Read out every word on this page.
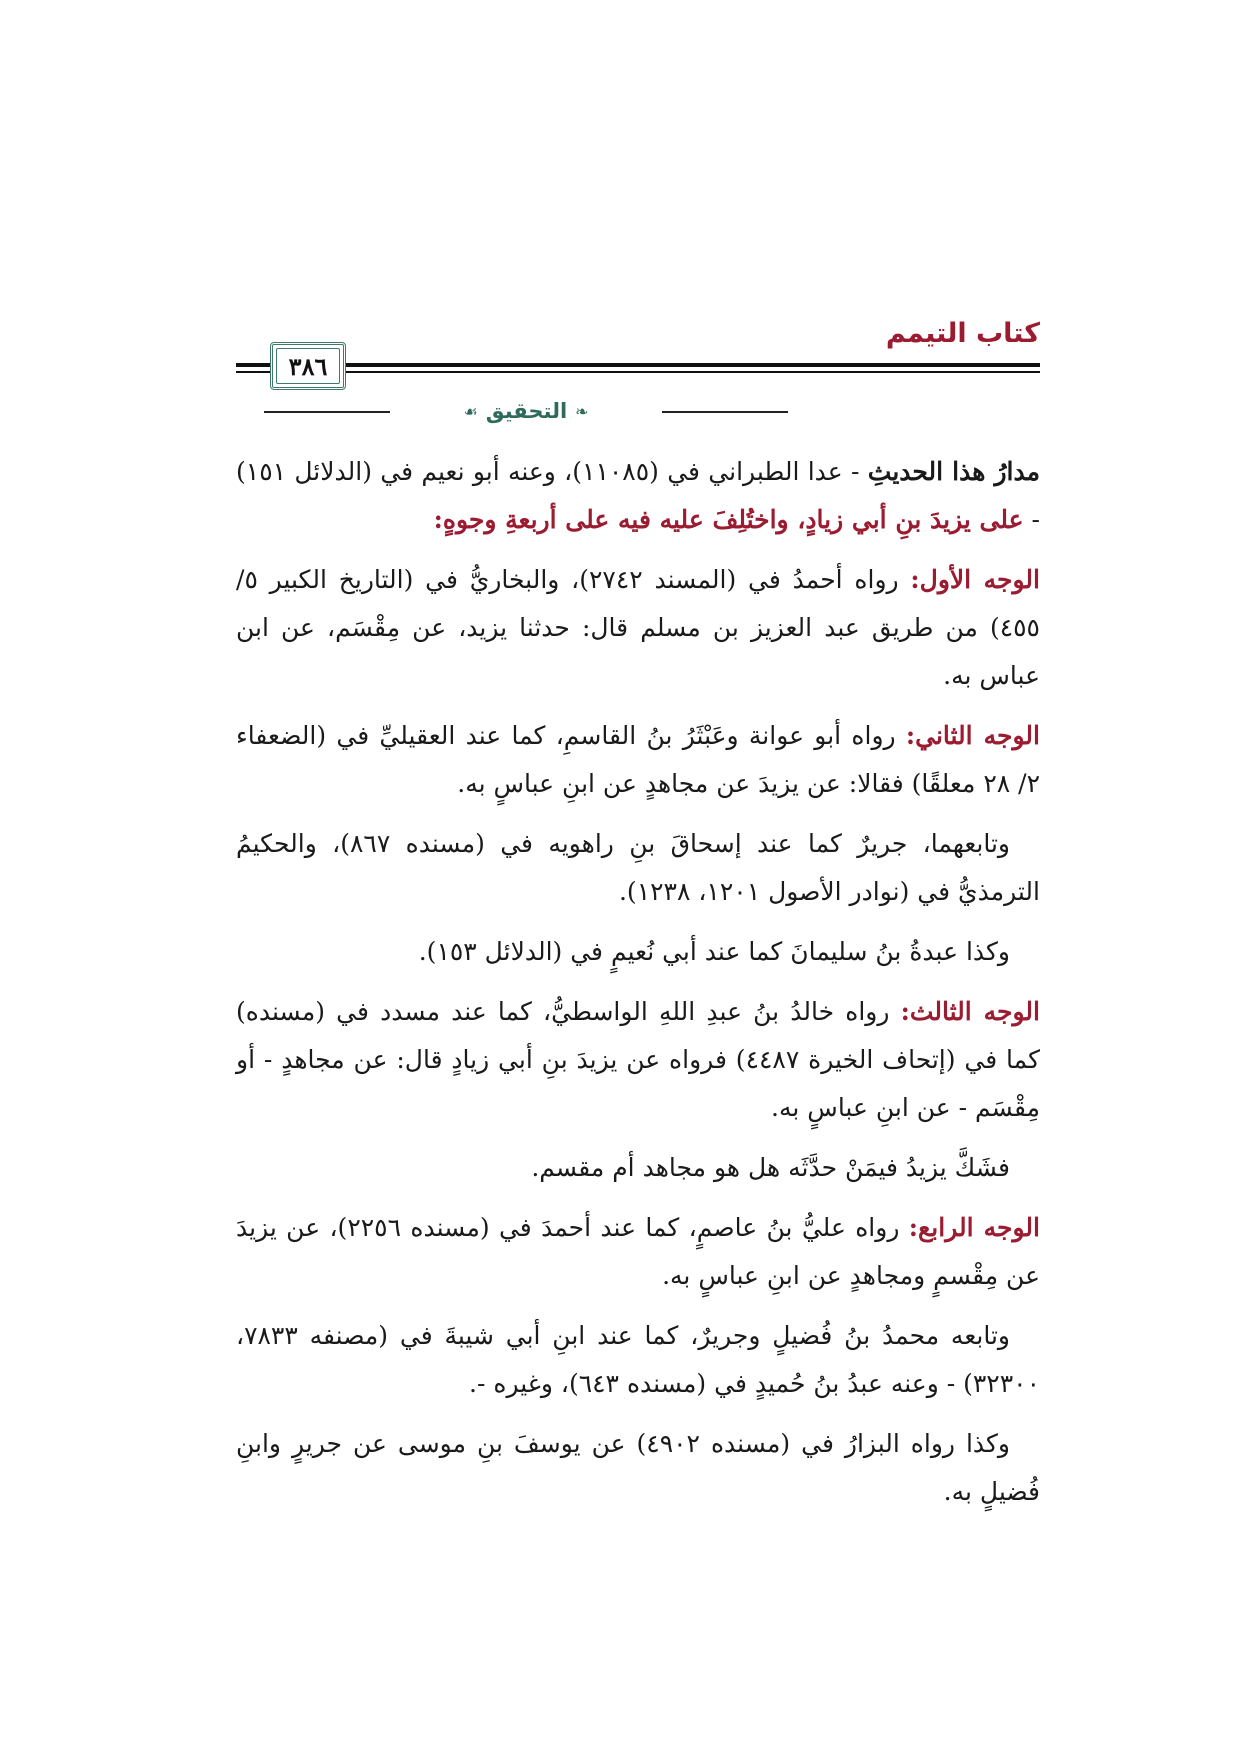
كتاب التيمم
٣٨٦
❧
التحقيق
☙

مدارُ هذا الحديثِ - عدا الطبراني في (١١٠٨٥)، وعنه أبو نعيم في (الدلائل ١٥١) - على يزيدَ بنِ أبي زيادٍ، واختُلِفَ عليه فيه على أربعةِ وجوهٍ:

الوجه الأول: رواه أحمدُ في (المسند ٢٧٤٢)، والبخاريُّ في (التاريخ الكبير ٥/ ٤٥٥) من طريق عبد العزيز بن مسلم قال: حدثنا يزيد، عن مِقْسَم، عن ابن عباس به.

الوجه الثاني: رواه أبو عوانة وعَبْثَرُ بنُ القاسمِ، كما عند العقيليِّ في (الضعفاء ٢/ ٢٨ معلقًا) فقالا: عن يزيدَ عن مجاهدٍ عن ابنِ عباسٍ به.

وتابعهما، جريرٌ كما عند إسحاقَ بنِ راهويه في (مسنده ٨٦٧)، والحكيمُ الترمذيُّ في (نوادر الأصول ١٢٠١، ١٢٣٨).

وكذا عبدةُ بنُ سليمانَ كما عند أبي نُعيمٍ في (الدلائل ١٥٣).

الوجه الثالث: رواه خالدُ بنُ عبدِ اللهِ الواسطيُّ، كما عند مسدد في (مسنده) كما في (إتحاف الخيرة ٤٤٨٧) فرواه عن يزيدَ بنِ أبي زيادٍ قال: عن مجاهدٍ - أو مِقْسَم - عن ابنِ عباسٍ به.

فشَكَّ يزيدُ فيمَنْ حدَّثَه هل هو مجاهد أم مقسم.

الوجه الرابع: رواه عليُّ بنُ عاصمٍ، كما عند أحمدَ في (مسنده ٢٢٥٦)، عن يزيدَ عن مِقْسمٍ ومجاهدٍ عن ابنِ عباسٍ به.

وتابعه محمدُ بنُ فُضيلٍ وجريرٌ، كما عند ابنِ أبي شيبةَ في (مصنفه ٧٨٣٣، ٣٢٣٠٠) - وعنه عبدُ بنُ حُميدٍ في (مسنده ٦٤٣)، وغيره -.

وكذا رواه البزارُ في (مسنده ٤٩٠٢) عن يوسفَ بنِ موسى عن جريرٍ وابنِ فُضيلٍ به.
